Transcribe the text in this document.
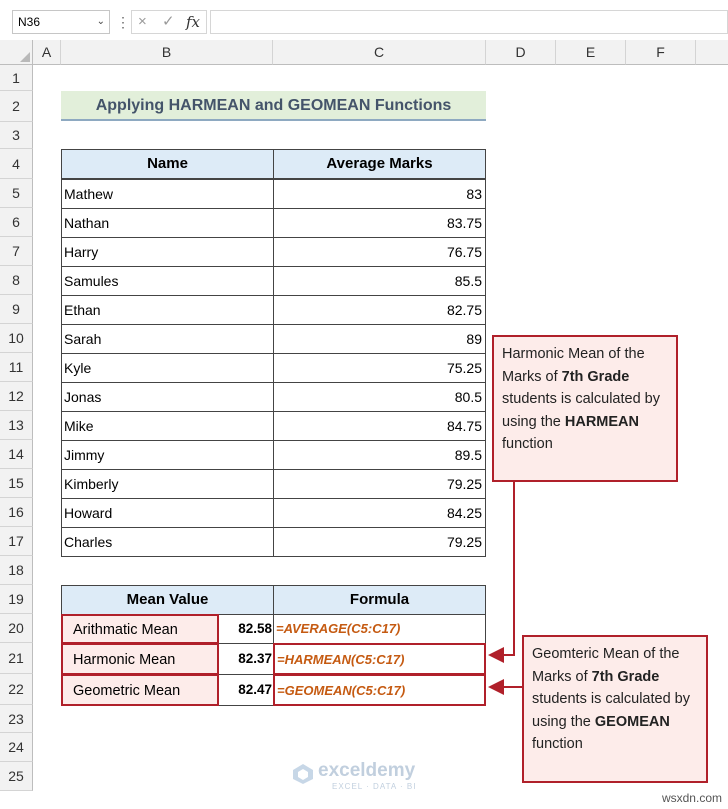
N36	⌄ ⋮ × ✓ fx
A	B	C	D	E	F
1
2
3
4
5
6
7
8
9
10
11
12
13
14
15
16
17
18
19
20
21
22
23
24
25
Applying HARMEAN and GEOMEAN Functions
Name	Average Marks
Mathew	83
Nathan	83.75
Harry	76.75
Samules	85.5
Ethan	82.75
Sarah	89
Kyle	75.25
Jonas	80.5
Mike	84.75
Jimmy	89.5
Kimberly	79.25
Howard	84.25
Charles	79.25
Mean Value	Formula
Arithmatic Mean	82.58 =AVERAGE(C5:C17)
Harmonic Mean	82.37 =HARMEAN(C5:C17)
Geometric Mean	82.47 =GEOMEAN(C5:C17)
Harmonic Mean of the Marks of 7th Grade students is calculated by using the HARMEAN function
Geomteric Mean of the Marks of 7th Grade students is calculated by using the GEOMEAN function
exceldemy
EXCEL · DATA · BI
wsxdn.com
